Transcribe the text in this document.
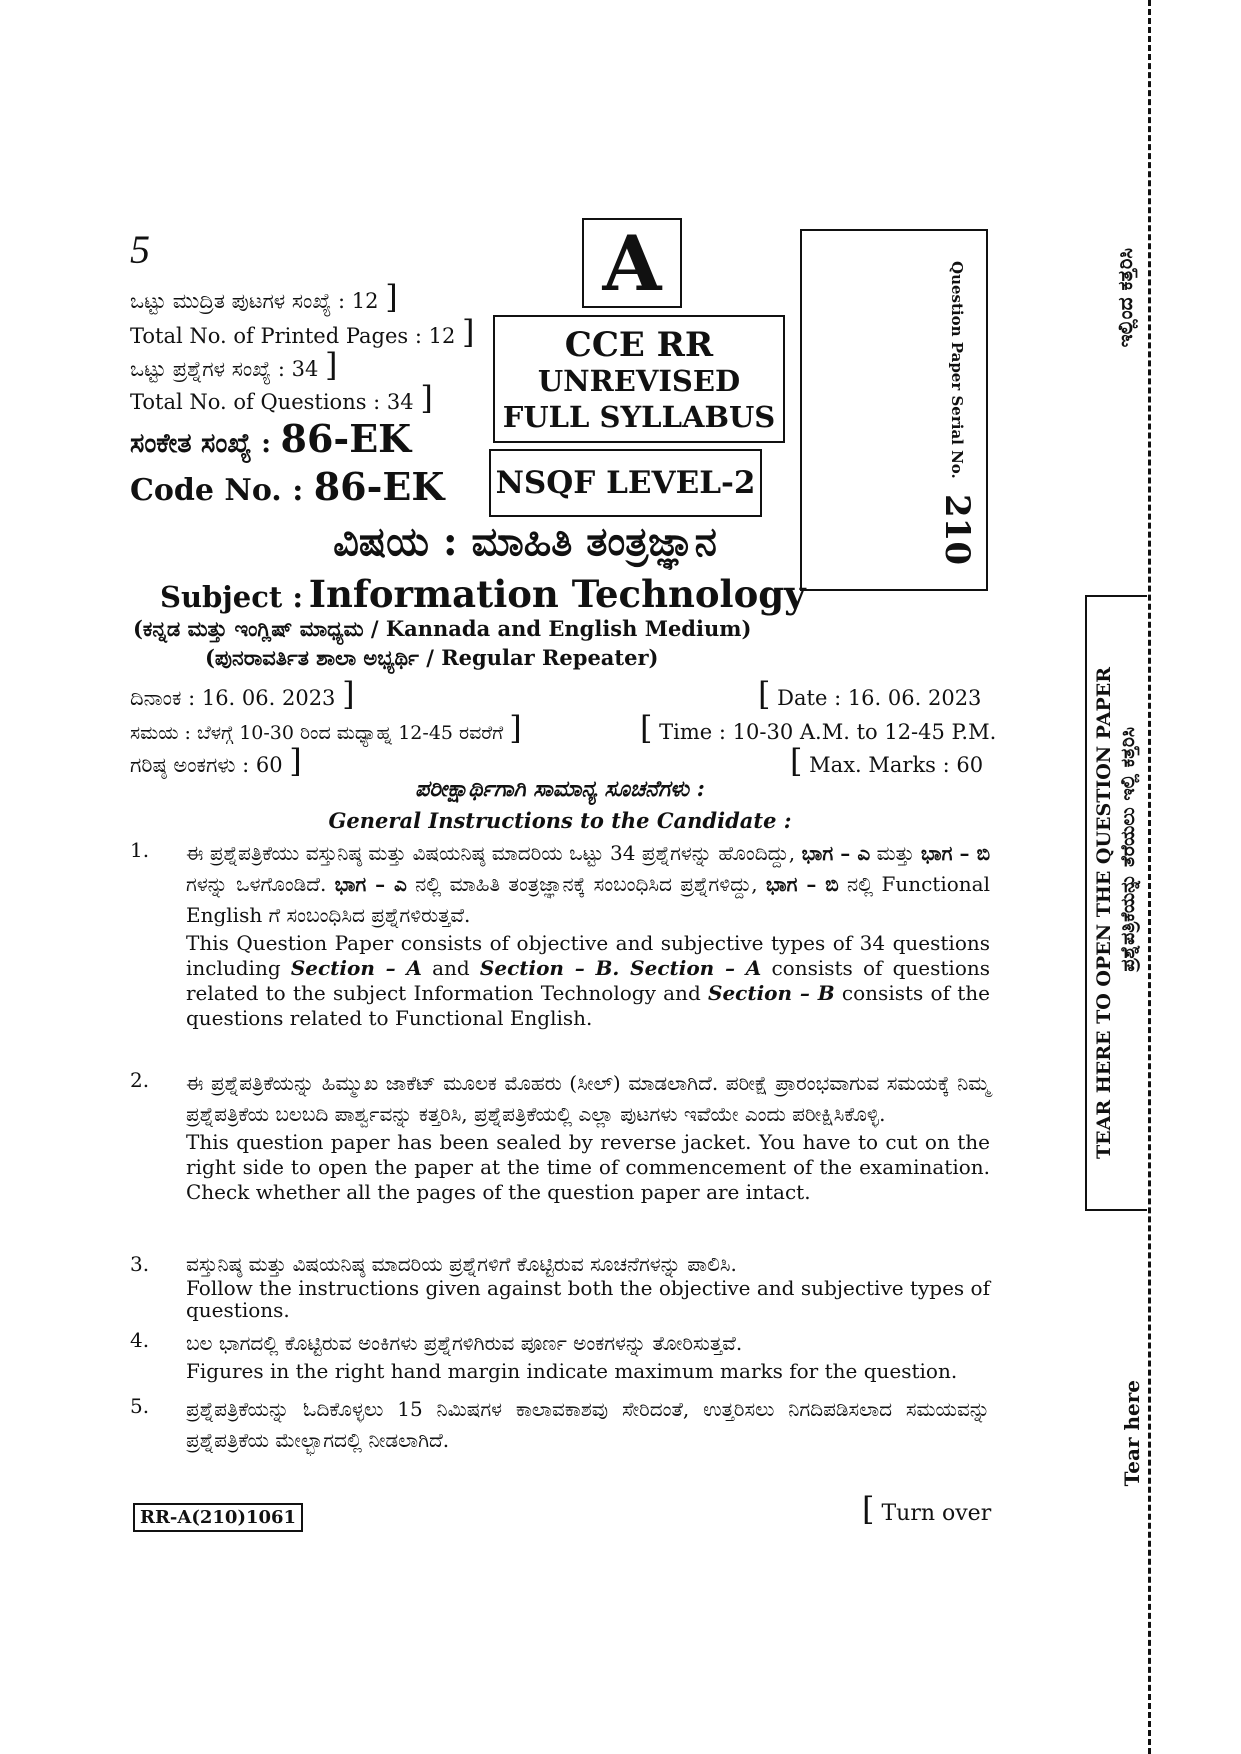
5
ಒಟ್ಟು ಮುದ್ರಿತ ಪುಟಗಳ ಸಂಖ್ಯೆ : 12 ]
Total No. of Printed Pages : 12 ]
ಒಟ್ಟು ಪ್ರಶ್ನೆಗಳ ಸಂಖ್ಯೆ : 34 ]
Total No. of Questions : 34 ]
ಸಂಕೇತ ಸಂಖ್ಯೆ : 86-EK
Code No. : 86-EK
A
CCE RR
UNREVISED
FULL SYLLABUS
NSQF LEVEL-2
Question Paper Serial No. 210
ವಿಷಯ : ಮಾಹಿತಿ ತಂತ್ರಜ್ಞಾನ
Subject : Information Technology
(ಕನ್ನಡ ಮತ್ತು ಇಂಗ್ಲಿಷ್ ಮಾಧ್ಯಮ / Kannada and English Medium)
(ಪುನರಾವರ್ತಿತ ಶಾಲಾ ಅಭ್ಯರ್ಥಿ / Regular Repeater)
ದಿನಾಂಕ : 16. 06. 2023 ]	[ Date : 16. 06. 2023
ಸಮಯ : ಬೆಳಗ್ಗೆ 10-30 ರಿಂದ ಮಧ್ಯಾಹ್ನ 12-45 ರವರೆಗೆ ]	[ Time : 10-30 A.M. to 12-45 P.M.
ಗರಿಷ್ಠ ಅಂಕಗಳು : 60 ]	[ Max. Marks : 60
ಪರೀಕ್ಷಾರ್ಥಿಗಾಗಿ ಸಾಮಾನ್ಯ ಸೂಚನೆಗಳು :
General Instructions to the Candidate :
1. ಈ ಪ್ರಶ್ನೆಪತ್ರಿಕೆಯು ವಸ್ತುನಿಷ್ಠ ಮತ್ತು ವಿಷಯನಿಷ್ಠ ಮಾದರಿಯ ಒಟ್ಟು 34 ಪ್ರಶ್ನೆಗಳನ್ನು ಹೊಂದಿದ್ದು, ಭಾಗ – ಎ ಮತ್ತು ಭಾಗ – ಬಿ ಗಳನ್ನು ಒಳಗೊಂಡಿದೆ. ಭಾಗ – ಎ ನಲ್ಲಿ ಮಾಹಿತಿ ತಂತ್ರಜ್ಞಾನಕ್ಕೆ ಸಂಬಂಧಿಸಿದ ಪ್ರಶ್ನೆಗಳಿದ್ದು, ಭಾಗ – ಬಿ ನಲ್ಲಿ Functional English ಗೆ ಸಂಬಂಧಿಸಿದ ಪ್ರಶ್ನೆಗಳಿರುತ್ತವೆ.
This Question Paper consists of objective and subjective types of 34 questions including Section – A and Section – B. Section – A consists of questions related to the subject Information Technology and Section – B consists of the questions related to Functional English.
2. ಈ ಪ್ರಶ್ನೆಪತ್ರಿಕೆಯನ್ನು ಹಿಮ್ಮುಖ ಜಾಕೆಟ್ ಮೂಲಕ ಮೊಹರು (ಸೀಲ್) ಮಾಡಲಾಗಿದೆ. ಪರೀಕ್ಷೆ ಪ್ರಾರಂಭವಾಗುವ ಸಮಯಕ್ಕೆ ನಿಮ್ಮ ಪ್ರಶ್ನೆಪತ್ರಿಕೆಯ ಬಲಬದಿ ಪಾರ್ಶ್ವವನ್ನು ಕತ್ತರಿಸಿ, ಪ್ರಶ್ನೆಪತ್ರಿಕೆಯಲ್ಲಿ ಎಲ್ಲಾ ಪುಟಗಳು ಇವೆಯೇ ಎಂದು ಪರೀಕ್ಷಿಸಿಕೊಳ್ಳಿ.
This question paper has been sealed by reverse jacket. You have to cut on the right side to open the paper at the time of commencement of the examination. Check whether all the pages of the question paper are intact.
3. ವಸ್ತುನಿಷ್ಠ ಮತ್ತು ವಿಷಯನಿಷ್ಠ ಮಾದರಿಯ ಪ್ರಶ್ನೆಗಳಿಗೆ ಕೊಟ್ಟಿರುವ ಸೂಚನೆಗಳನ್ನು ಪಾಲಿಸಿ.
Follow the instructions given against both the objective and subjective types of questions.
4. ಬಲ ಭಾಗದಲ್ಲಿ ಕೊಟ್ಟಿರುವ ಅಂಕಿಗಳು ಪ್ರಶ್ನೆಗಳಿಗಿರುವ ಪೂರ್ಣ ಅಂಕಗಳನ್ನು ತೋರಿಸುತ್ತವೆ.
Figures in the right hand margin indicate maximum marks for the question.
5. ಪ್ರಶ್ನೆಪತ್ರಿಕೆಯನ್ನು ಓದಿಕೊಳ್ಳಲು 15 ನಿಮಿಷಗಳ ಕಾಲಾವಕಾಶವು ಸೇರಿದಂತೆ, ಉತ್ತರಿಸಲು ನಿಗದಿಪಡಿಸಲಾದ ಸಮಯವನ್ನು ಪ್ರಶ್ನೆಪತ್ರಿಕೆಯ ಮೇಲ್ಭಾಗದಲ್ಲಿ ನೀಡಲಾಗಿದೆ.
RR-A(210)1061	[ Turn over
ಇಲ್ಲಿಂದ ಕತ್ತರಿಸಿ
TEAR HERE TO OPEN THE QUESTION PAPER ಪ್ರಶ್ನೆಪತ್ರಿಕೆಯನ್ನು ತೆರೆಯಲು ಇಲ್ಲಿ ಕತ್ತರಿಸಿ
Tear here
